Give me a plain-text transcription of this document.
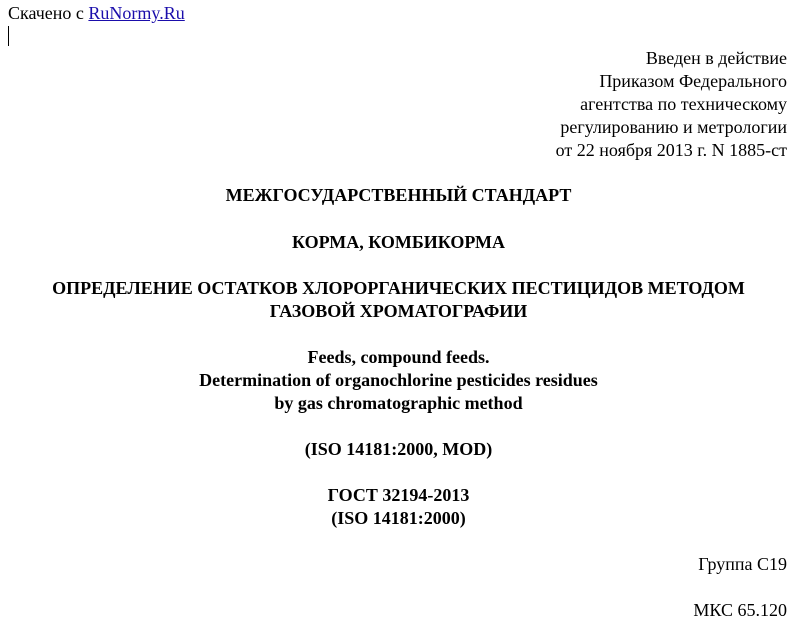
Скачено с RuNormy.Ru
Введен в действие
Приказом Федерального
агентства по техническому
регулированию и метрологии
от 22 ноября 2013 г. N 1885-ст
МЕЖГОСУДАРСТВЕННЫЙ СТАНДАРТ
КОРМА, КОМБИКОРМА
ОПРЕДЕЛЕНИЕ ОСТАТКОВ ХЛОРОРГАНИЧЕСКИХ ПЕСТИЦИДОВ МЕТОДОМ
ГАЗОВОЙ ХРОМАТОГРАФИИ
Feeds, compound feeds.
Determination of organochlorine pesticides residues
by gas chromatographic method
(ISO 14181:2000, MOD)
ГОСТ 32194-2013
(ISO 14181:2000)
Группа C19
МКС 65.120
